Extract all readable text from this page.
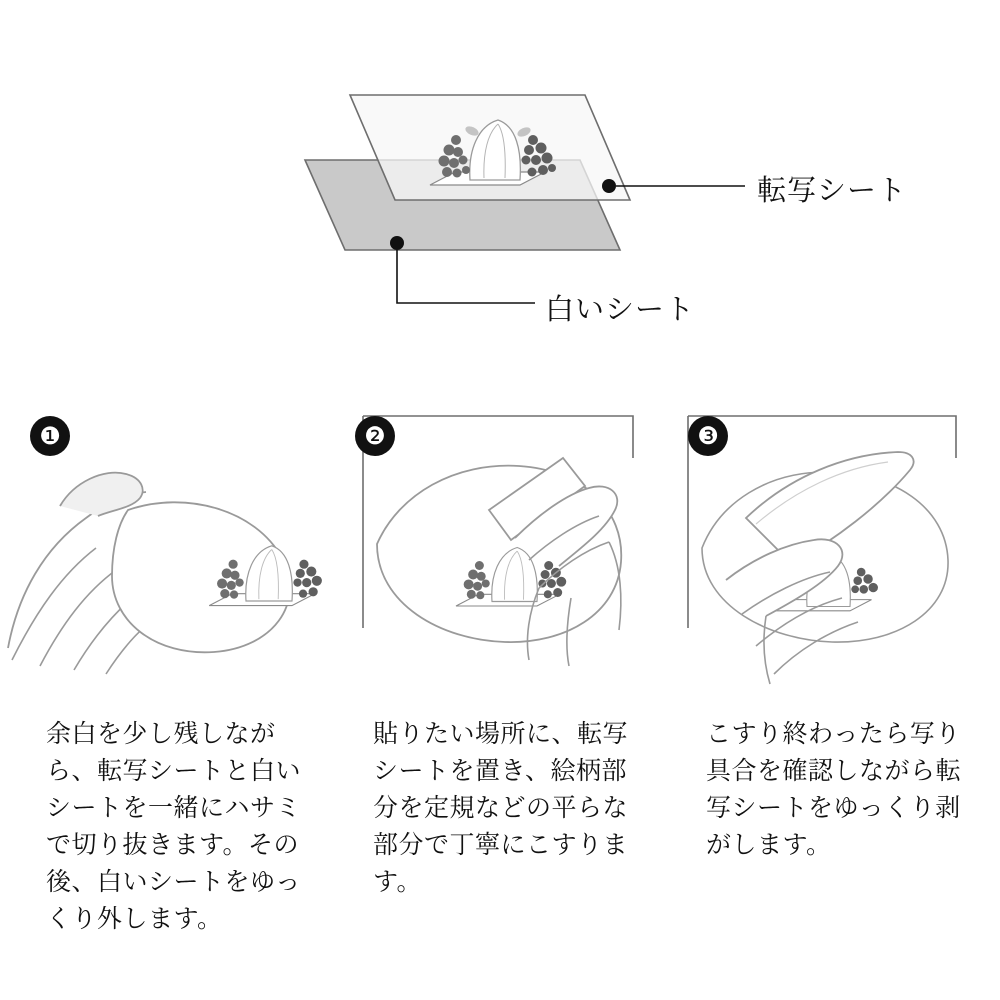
転写シート
白いシート
❶

余白を少し残しながら、転写シートと白いシートを一緒にハサミで切り抜きます。その後、白いシートをゆっくり外します。

❷

貼りたい場所に、転写シートを置き、絵柄部分を定規などの平らな部分で丁寧にこすります。

❸

こすり終わったら写り具合を確認しながら転写シートをゆっくり剥がします。
